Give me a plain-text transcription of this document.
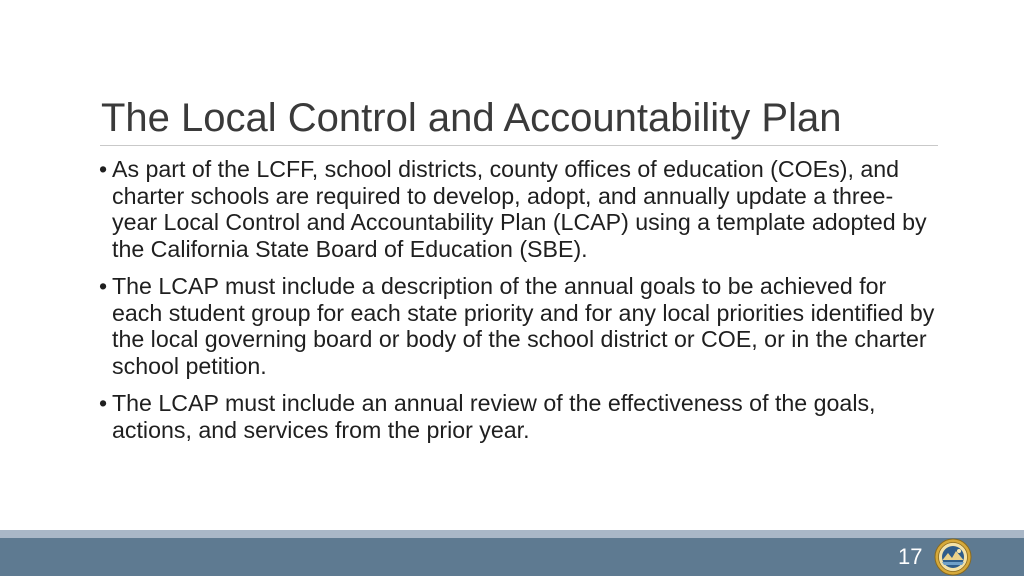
The Local Control and Accountability Plan
• As part of the LCFF, school districts, county offices of education (COEs), and charter schools are required to develop, adopt, and annually update a three-year Local Control and Accountability Plan (LCAP) using a template adopted by the California State Board of Education (SBE).
• The LCAP must include a description of the annual goals to be achieved for each student group for each state priority and for any local priorities identified by the local governing board or body of the school district or COE, or in the charter school petition.
• The LCAP must include an annual review of the effectiveness of the goals, actions, and services from the prior year.
17
